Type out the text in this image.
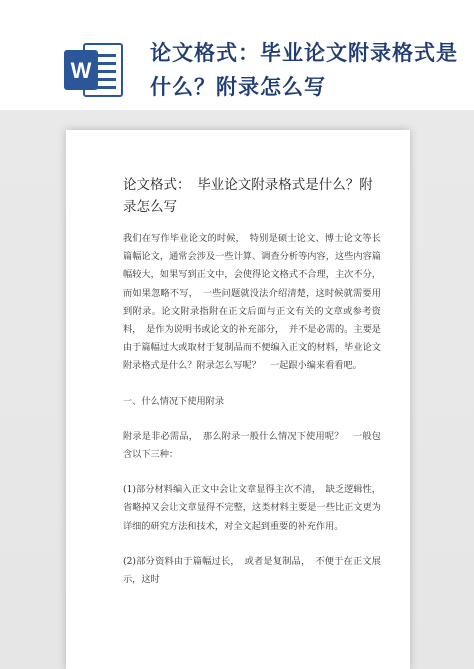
W
论文格式：毕业论文附录格式是什么？附录怎么写
论文格式：　毕业论文附录格式是什么？附录怎么写

我们在写作毕业论文的时候，　特别是硕士论文、博士论文等长篇幅论文，通常会涉及一些计算、调查分析等内容，这些内容篇幅较大，如果写到正文中，会使得论文格式不合理，主次不分，而如果忽略不写，　一些问题就没法介绍清楚，这时候就需要用到附录。论文附录指附在正文后面与正文有关的文章或参考资料，　是作为说明书或论文的补充部分，　并不是必需的。主要是由于篇幅过大或取材于复制品而不便编入正文的材料，毕业论文附录格式是什么？附录怎么写呢？　一起跟小编来看看吧。

一、什么情况下使用附录

附录是非必需品，　那么附录一般什么情况下使用呢？　一般包含以下三种：

(1)部分材料编入正文中会让文章显得主次不清，　缺乏逻辑性，省略掉又会让文章显得不完整，这类材料主要是一些比正文更为详细的研究方法和技术，对全文起到重要的补充作用。

(2)部分资料由于篇幅过长，　或者是复制品，　不便于在正文展示，这时
